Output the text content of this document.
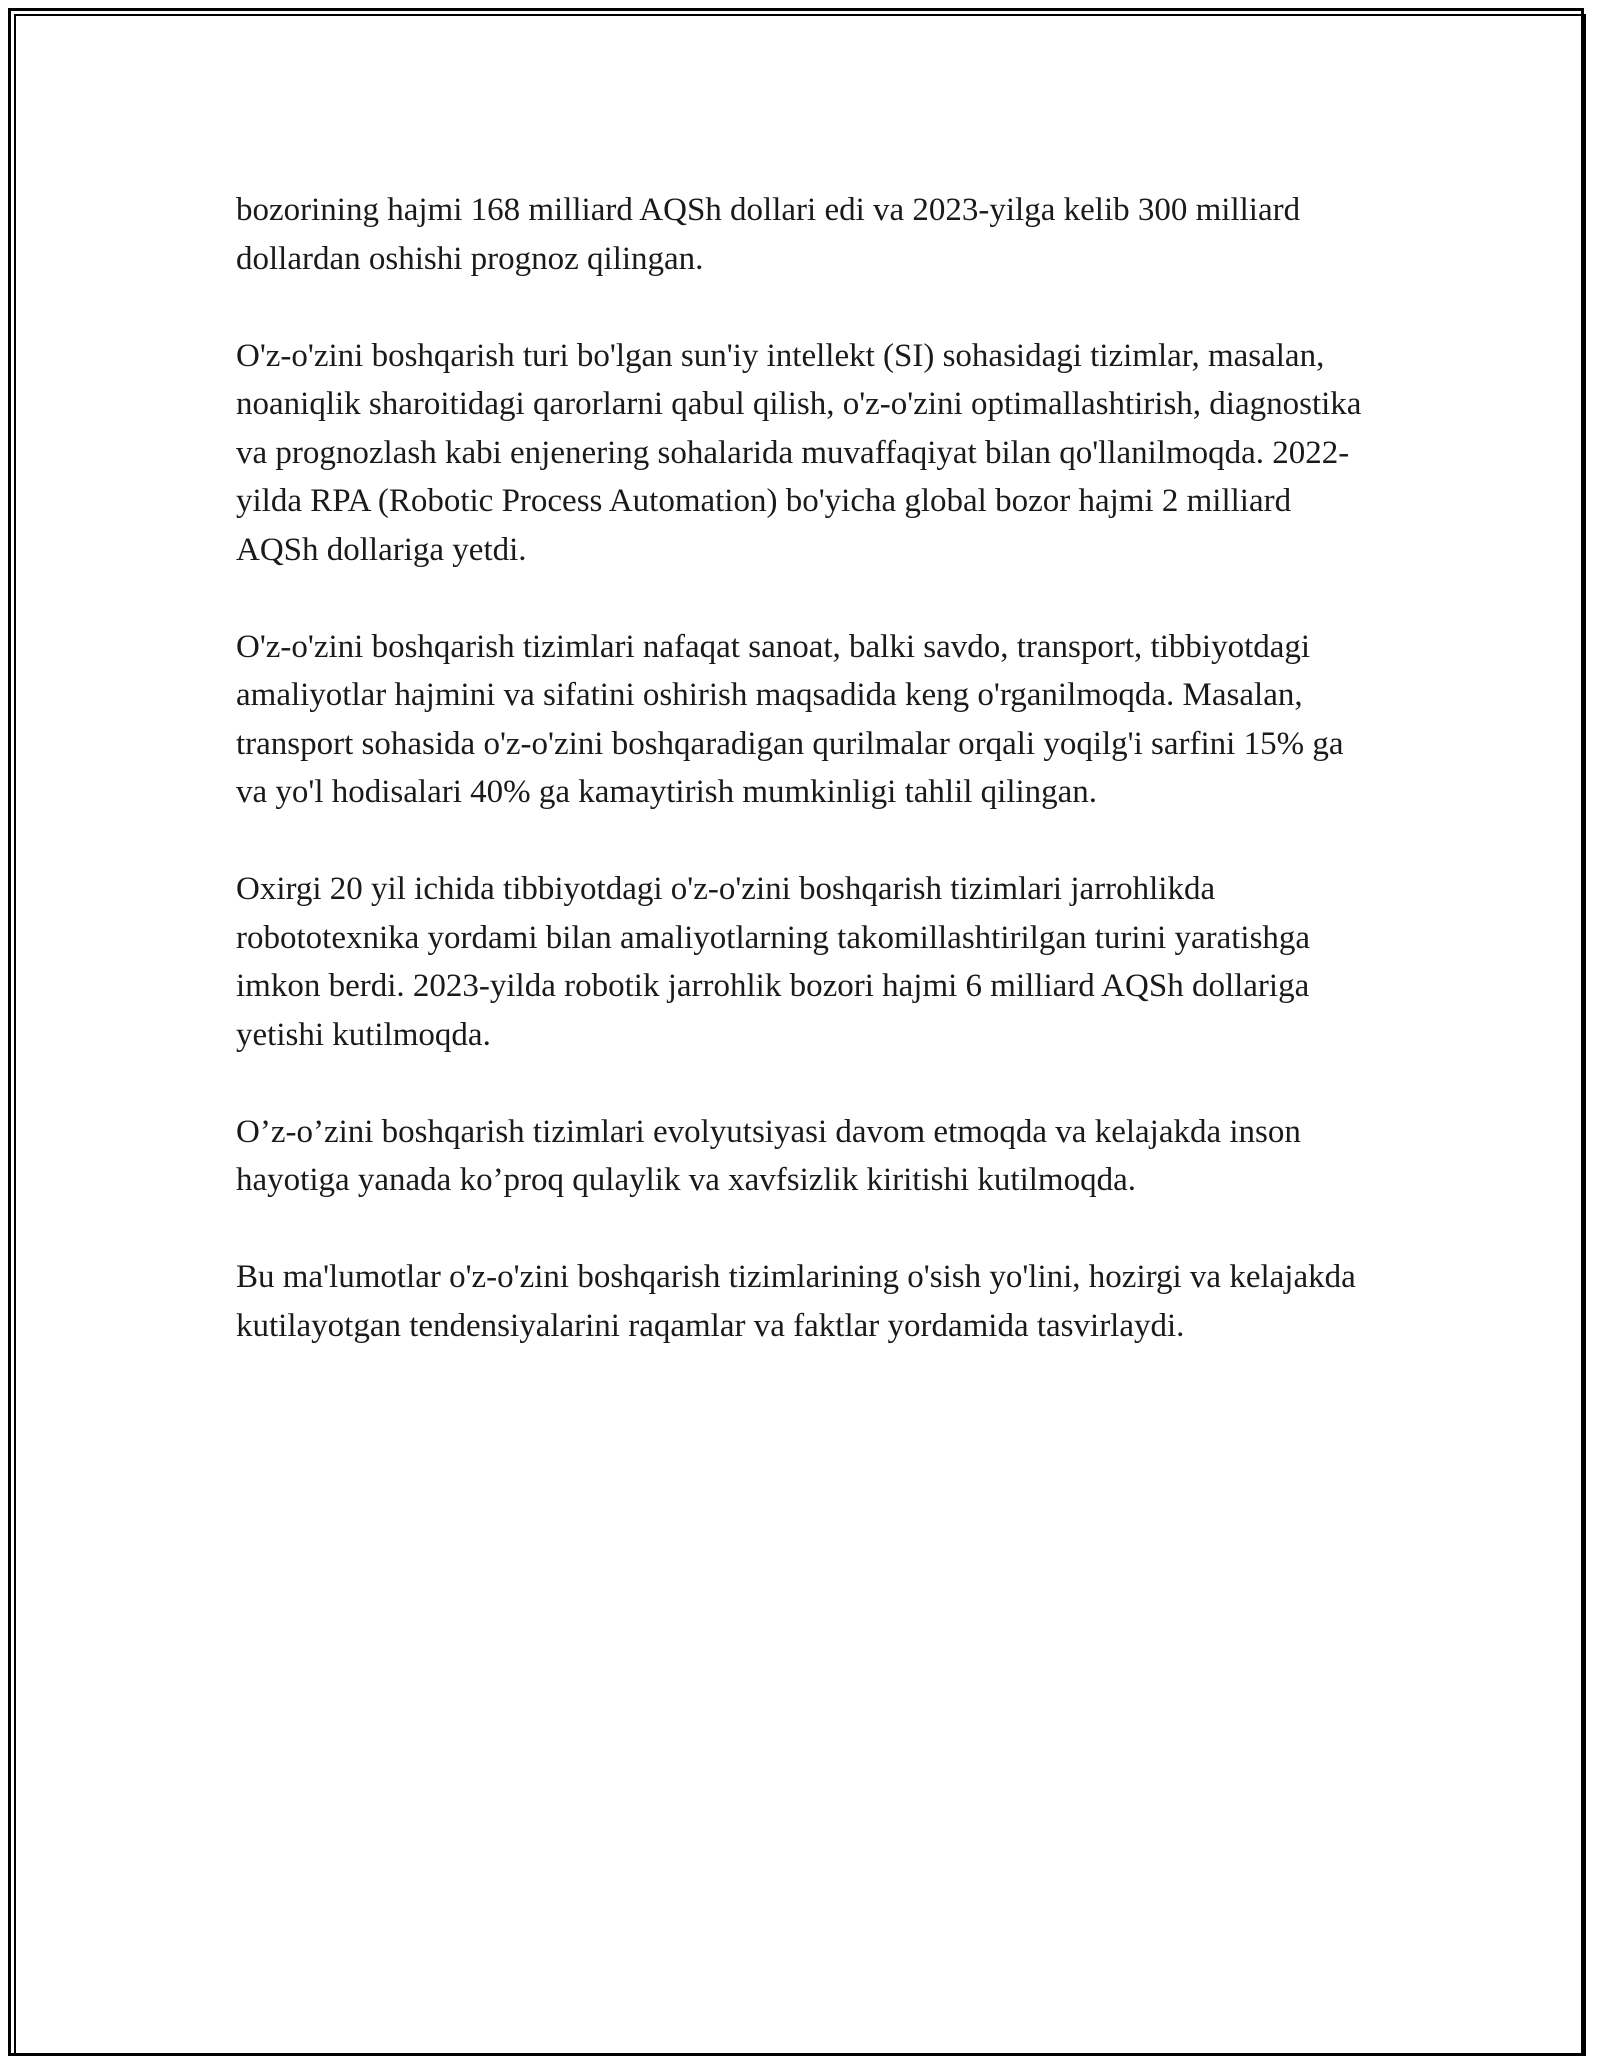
bozorining hajmi 168 milliard AQSh dollari edi va 2023-yilga kelib 300 milliard dollardan oshishi prognoz qilingan.

O'z-o'zini boshqarish turi bo'lgan sun'iy intellekt (SI) sohasidagi tizimlar, masalan, noaniqlik sharoitidagi qarorlarni qabul qilish, o'z-o'zini optimallashtirish, diagnostika va prognozlash kabi enjenering sohalarida muvaffaqiyat bilan qo'llanilmoqda. 2022-yilda RPA (Robotic Process Automation) bo'yicha global bozor hajmi 2 milliard AQSh dollariga yetdi.

O'z-o'zini boshqarish tizimlari nafaqat sanoat, balki savdo, transport, tibbiyotdagi amaliyotlar hajmini va sifatini oshirish maqsadida keng o'rganilmoqda. Masalan, transport sohasida o'z-o'zini boshqaradigan qurilmalar orqali yoqilg'i sarfini 15% ga va yo'l hodisalari 40% ga kamaytirish mumkinligi tahlil qilingan.

Oxirgi 20 yil ichida tibbiyotdagi o'z-o'zini boshqarish tizimlari jarrohlikda robototexnika yordami bilan amaliyotlarning takomillashtirilgan turini yaratishga imkon berdi. 2023-yilda robotik jarrohlik bozori hajmi 6 milliard AQSh dollariga yetishi kutilmoqda.

O’z-o’zini boshqarish tizimlari evolyutsiyasi davom etmoqda va kelajakda inson hayotiga yanada ko’proq qulaylik va xavfsizlik kiritishi kutilmoqda.

Bu ma'lumotlar o'z-o'zini boshqarish tizimlarining o'sish yo'lini, hozirgi va kelajakda kutilayotgan tendensiyalarini raqamlar va faktlar yordamida tasvirlaydi.
